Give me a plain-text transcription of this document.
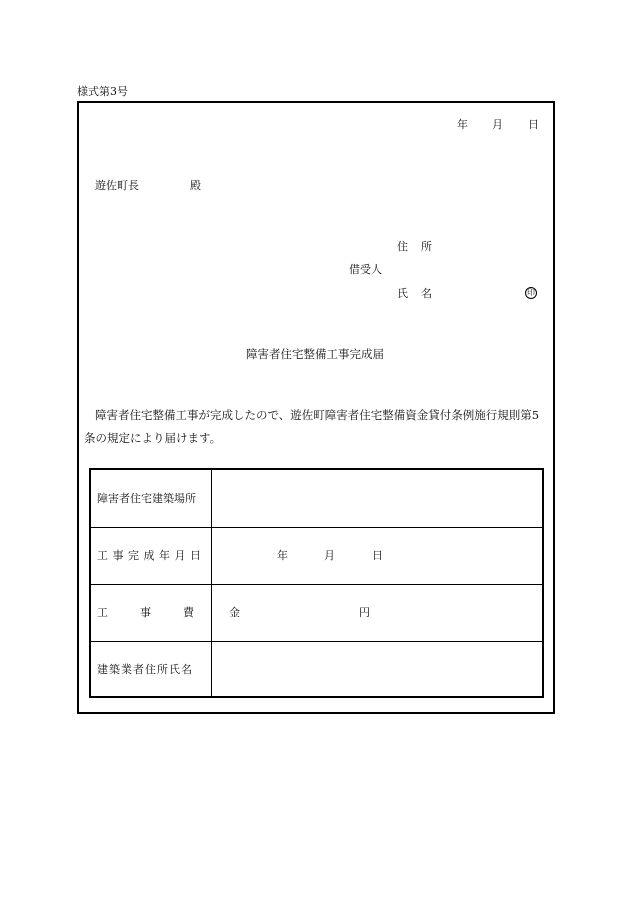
様式第3号
年 月 日
遊佐町長	殿
住　所
借受人
氏　名	印
障害者住宅整備工事完成届
障害者住宅整備工事が完成したので、遊佐町障害者住宅整備資金貸付条例施行規則第5
条の規定により届けます。
障害者住宅建築場所
工事完成年月日	年	月	日
工事費 金	円
建築業者住所氏名
